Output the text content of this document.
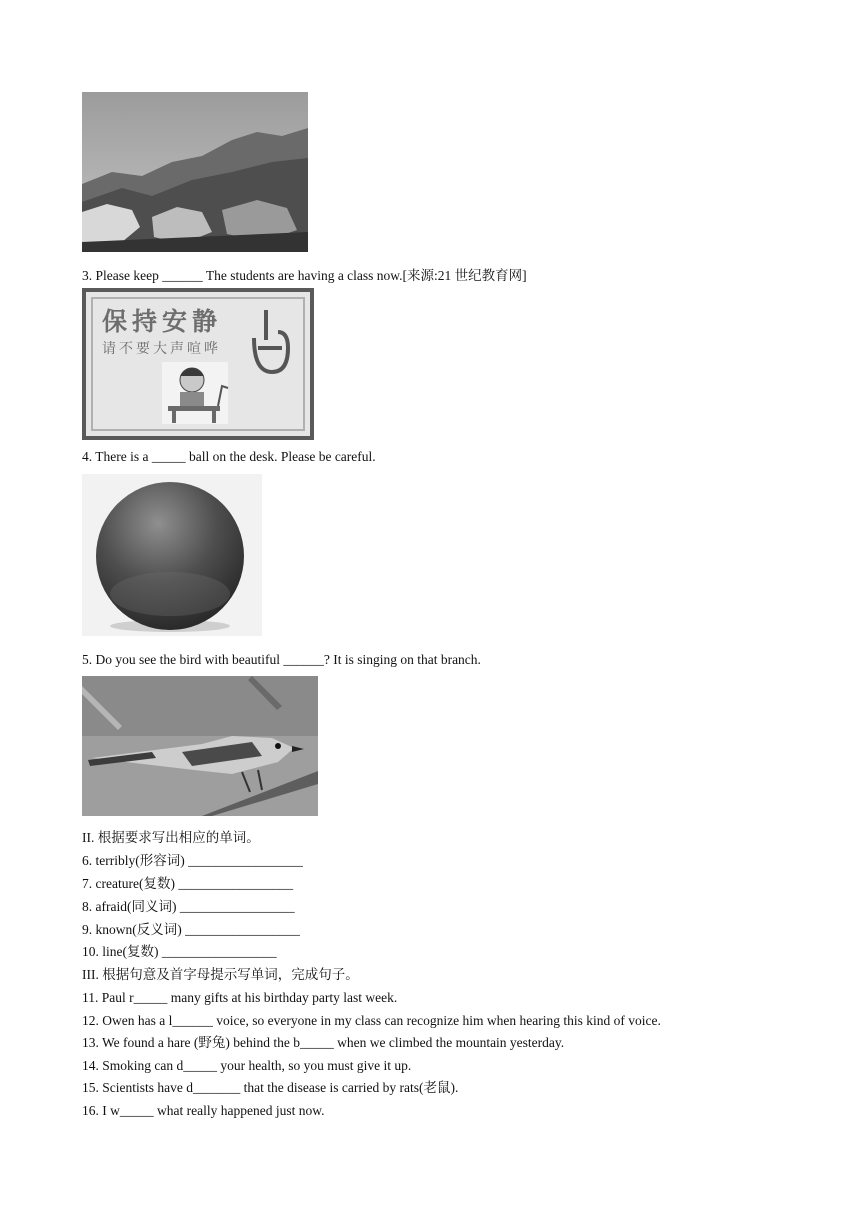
3. Please keep ______ The students are having a class now.[来源:21 世纪教育网]
保持安静
请不要大声喧哗
4. There is a _____ ball on the desk. Please be careful.
5. Do you see the bird with beautiful ______? It is singing on that branch.
II. 根据要求写出相应的单词。
6. terribly(形容词) _________________
7. creature(复数) _________________
8. afraid(同义词) _________________
9. known(反义词) _________________
10. line(复数) _________________
III. 根据句意及首字母提示写单词，完成句子。
11. Paul r_____ many gifts at his birthday party last week.
12. Owen has a l______ voice, so everyone in my class can recognize him when hearing this kind of voice.
13. We found a hare (野兔) behind the b_____ when we climbed the mountain yesterday.
14. Smoking can d_____ your health, so you must give it up.
15. Scientists have d_______ that the disease is carried by rats(老鼠).
16. I w_____ what really happened just now.
